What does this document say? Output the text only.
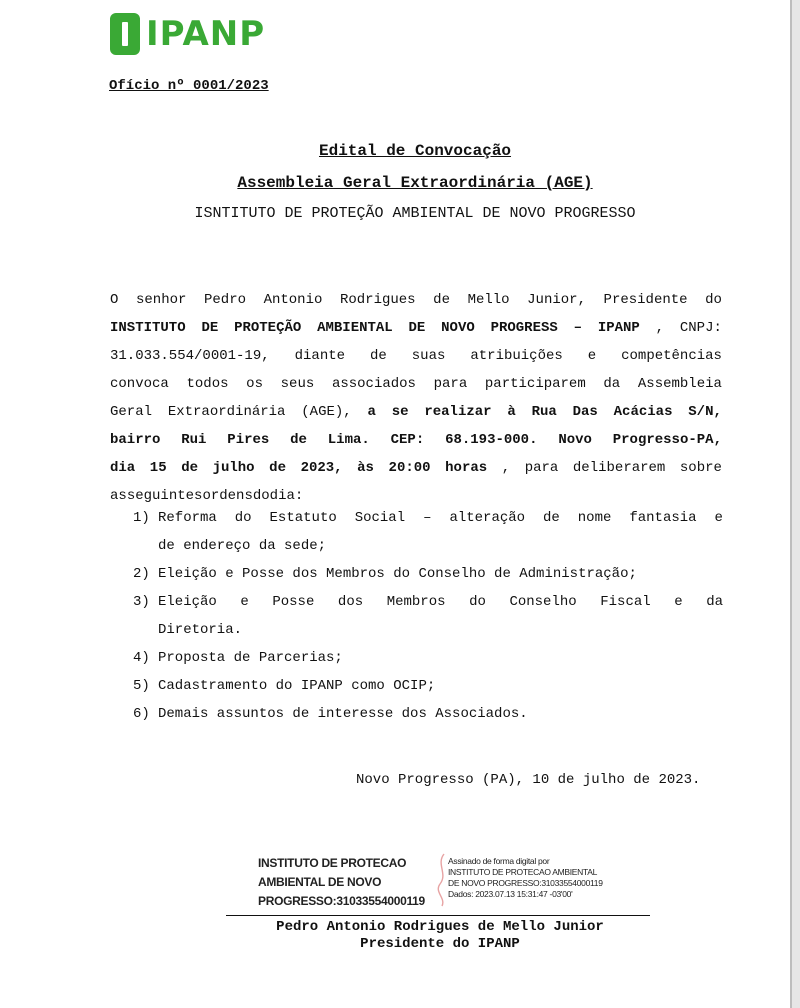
IPANP
Ofício nº 0001/2023
Edital de Convocação
Assembleia Geral Extraordinária (AGE)
ISNTITUTO DE PROTEÇÃO AMBIENTAL DE NOVO PROGRESSO
O senhor Pedro Antonio Rodrigues de Mello Junior, Presidente do
INSTITUTO DE PROTEÇÃO AMBIENTAL DE NOVO PROGRESS – IPANP , CNPJ:
31.033.554/0001-19, diante de suas atribuições e competências
convoca todos os seus associados para participarem da Assembleia
Geral Extraordinária (AGE), a se realizar à Rua Das Acácias S/N,
bairro Rui Pires de Lima. CEP: 68.193-000. Novo Progresso-PA,
dia 15 de julho de 2023, às 20:00 horas , para deliberarem sobre
as seguintes ordens do dia:
1) Reforma do Estatuto Social – alteração de nome fantasia e
de endereço da sede;
2) Eleição e Posse dos Membros do Conselho de Administração;
3) Eleição e Posse dos Membros do Conselho Fiscal e da
Diretoria.
4) Proposta de Parcerias;
5) Cadastramento do IPANP como OCIP;
6) Demais assuntos de interesse dos Associados.
Novo Progresso (PA), 10 de julho de 2023.
INSTITUTO DE PROTECAO
AMBIENTAL DE NOVO
PROGRESSO:31033554000119
Assinado de forma digital por
INSTITUTO DE PROTECAO AMBIENTAL
DE NOVO PROGRESSO:31033554000119
Dados: 2023.07.13 15:31:47 -03'00'
Pedro Antonio Rodrigues de Mello Junior
Presidente do IPANP
